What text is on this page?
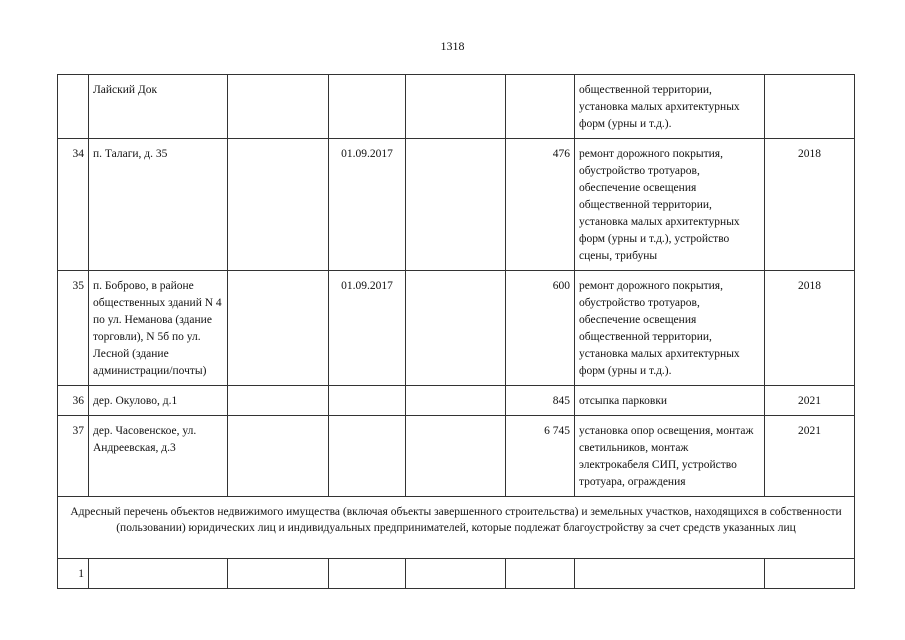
1318
	Лайский Док					общественной территории, установка малых архитектурных форм (урны и т.д.).	
34	п. Талаги, д. 35		01.09.2017		476	ремонт дорожного покрытия, обустройство тротуаров, обеспечение освещения общественной территории, установка малых архитектурных форм (урны и т.д.), устройство сцены, трибуны	2018
35	п. Боброво, в районе общественных зданий N 4 по ул. Неманова (здание торговли), N 5б по ул. Лесной (здание администрации/почты)		01.09.2017		600	ремонт дорожного покрытия, обустройство тротуаров, обеспечение освещения общественной территории, установка малых архитектурных форм (урны и т.д.).	2018
36	дер. Окулово, д.1				845	отсыпка парковки	2021
37	дер. Часовенское, ул. Андреевская, д.3				6 745	установка опор освещения, монтаж светильников, монтаж электрокабеля СИП, устройство тротуара, ограждения	2021
Адресный перечень объектов недвижимого имущества (включая объекты завершенного строительства) и земельных участков, находящихся в собственности (пользовании) юридических лиц и индивидуальных предпринимателей, которые подлежат благоустройству за счет средств указанных лиц							
1							
